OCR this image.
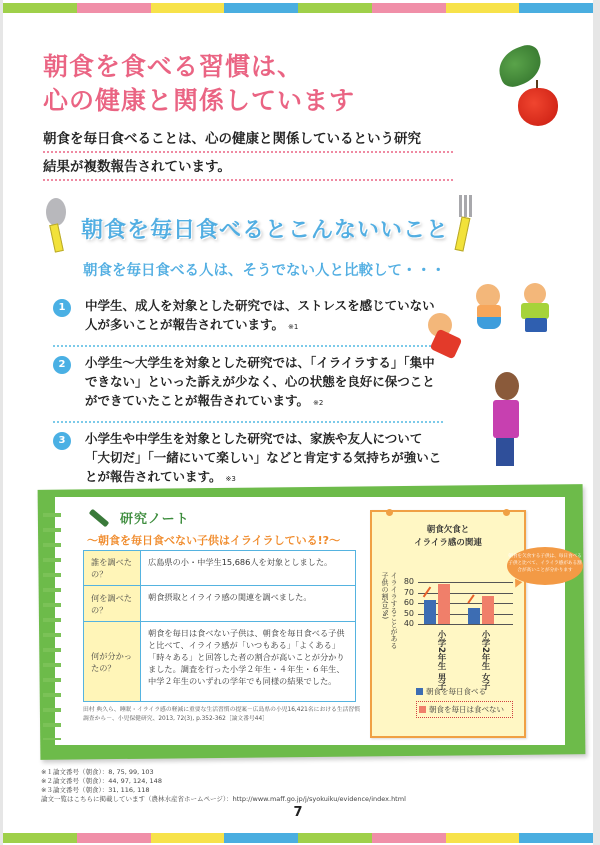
朝食を食べる習慣は、
心の健康と関係しています
朝食を毎日食べることは、心の健康と関係しているという研究
結果が複数報告されています。
朝食を毎日食べるとこんないいこと
朝食を毎日食べる人は、そうでない人と比較して・・・
1	中学生、成人を対象とした研究では、ストレスを感じていない人が多いことが報告されています。 ※1
2	小学生～大学生を対象とした研究では、「イライラする」「集中できない」といった訴えが少なく、心の状態を良好に保つことができていたことが報告されています。 ※2
3	小学生や中学生を対象とした研究では、家族や友人について「大切だ」「一緒にいて楽しい」などと肯定する気持ちが強いことが報告されています。 ※3
研究ノート
～朝食を毎日食べない子供はイライラしている!?～
誰を調べたの？	広島県の小・中学生15,686人を対象としました。
何を調べたの？	朝食摂取とイライラ感の関連を調べました。
何が分かったの？	朝食を毎日は食べない子供は、朝食を毎日食べる子供と比べて、イライラ感が「いつもある」「よくある」「時々ある」と回答した者の割合が高いことが分かりました。調査を行った小学２年生・４年生・６年生、中学２年生のいずれの学年でも同様の結果でした。
田村 典久ら、睡眠・イライラ感の軽減に重要な生活習慣の提案－広島県の小児16,421名における生活習慣調査から－、小児保健研究、2013, 72(3), p.352-362［論文番号44］
朝食欠食と
イライラ感の関連
イライラすることがある
子供の割合(%)	80
70
60
50
40
小学2年生 男子
小学2年生 女子
朝食を毎日食べる
朝食を毎日は食べない
朝食を欠食する子供は、毎日食べる子供と比べて、イライラ感がある割合が高いことが分かります
※１論文番号（朝食）：8, 75, 99, 103
※２論文番号（朝食）：44, 97, 124, 148
※３論文番号（朝食）：31, 116, 118
論文一覧はこちらに掲載しています（農林水産省ホームページ）：http://www.maff.go.jp/j/syokuiku/evidence/index.html
7
